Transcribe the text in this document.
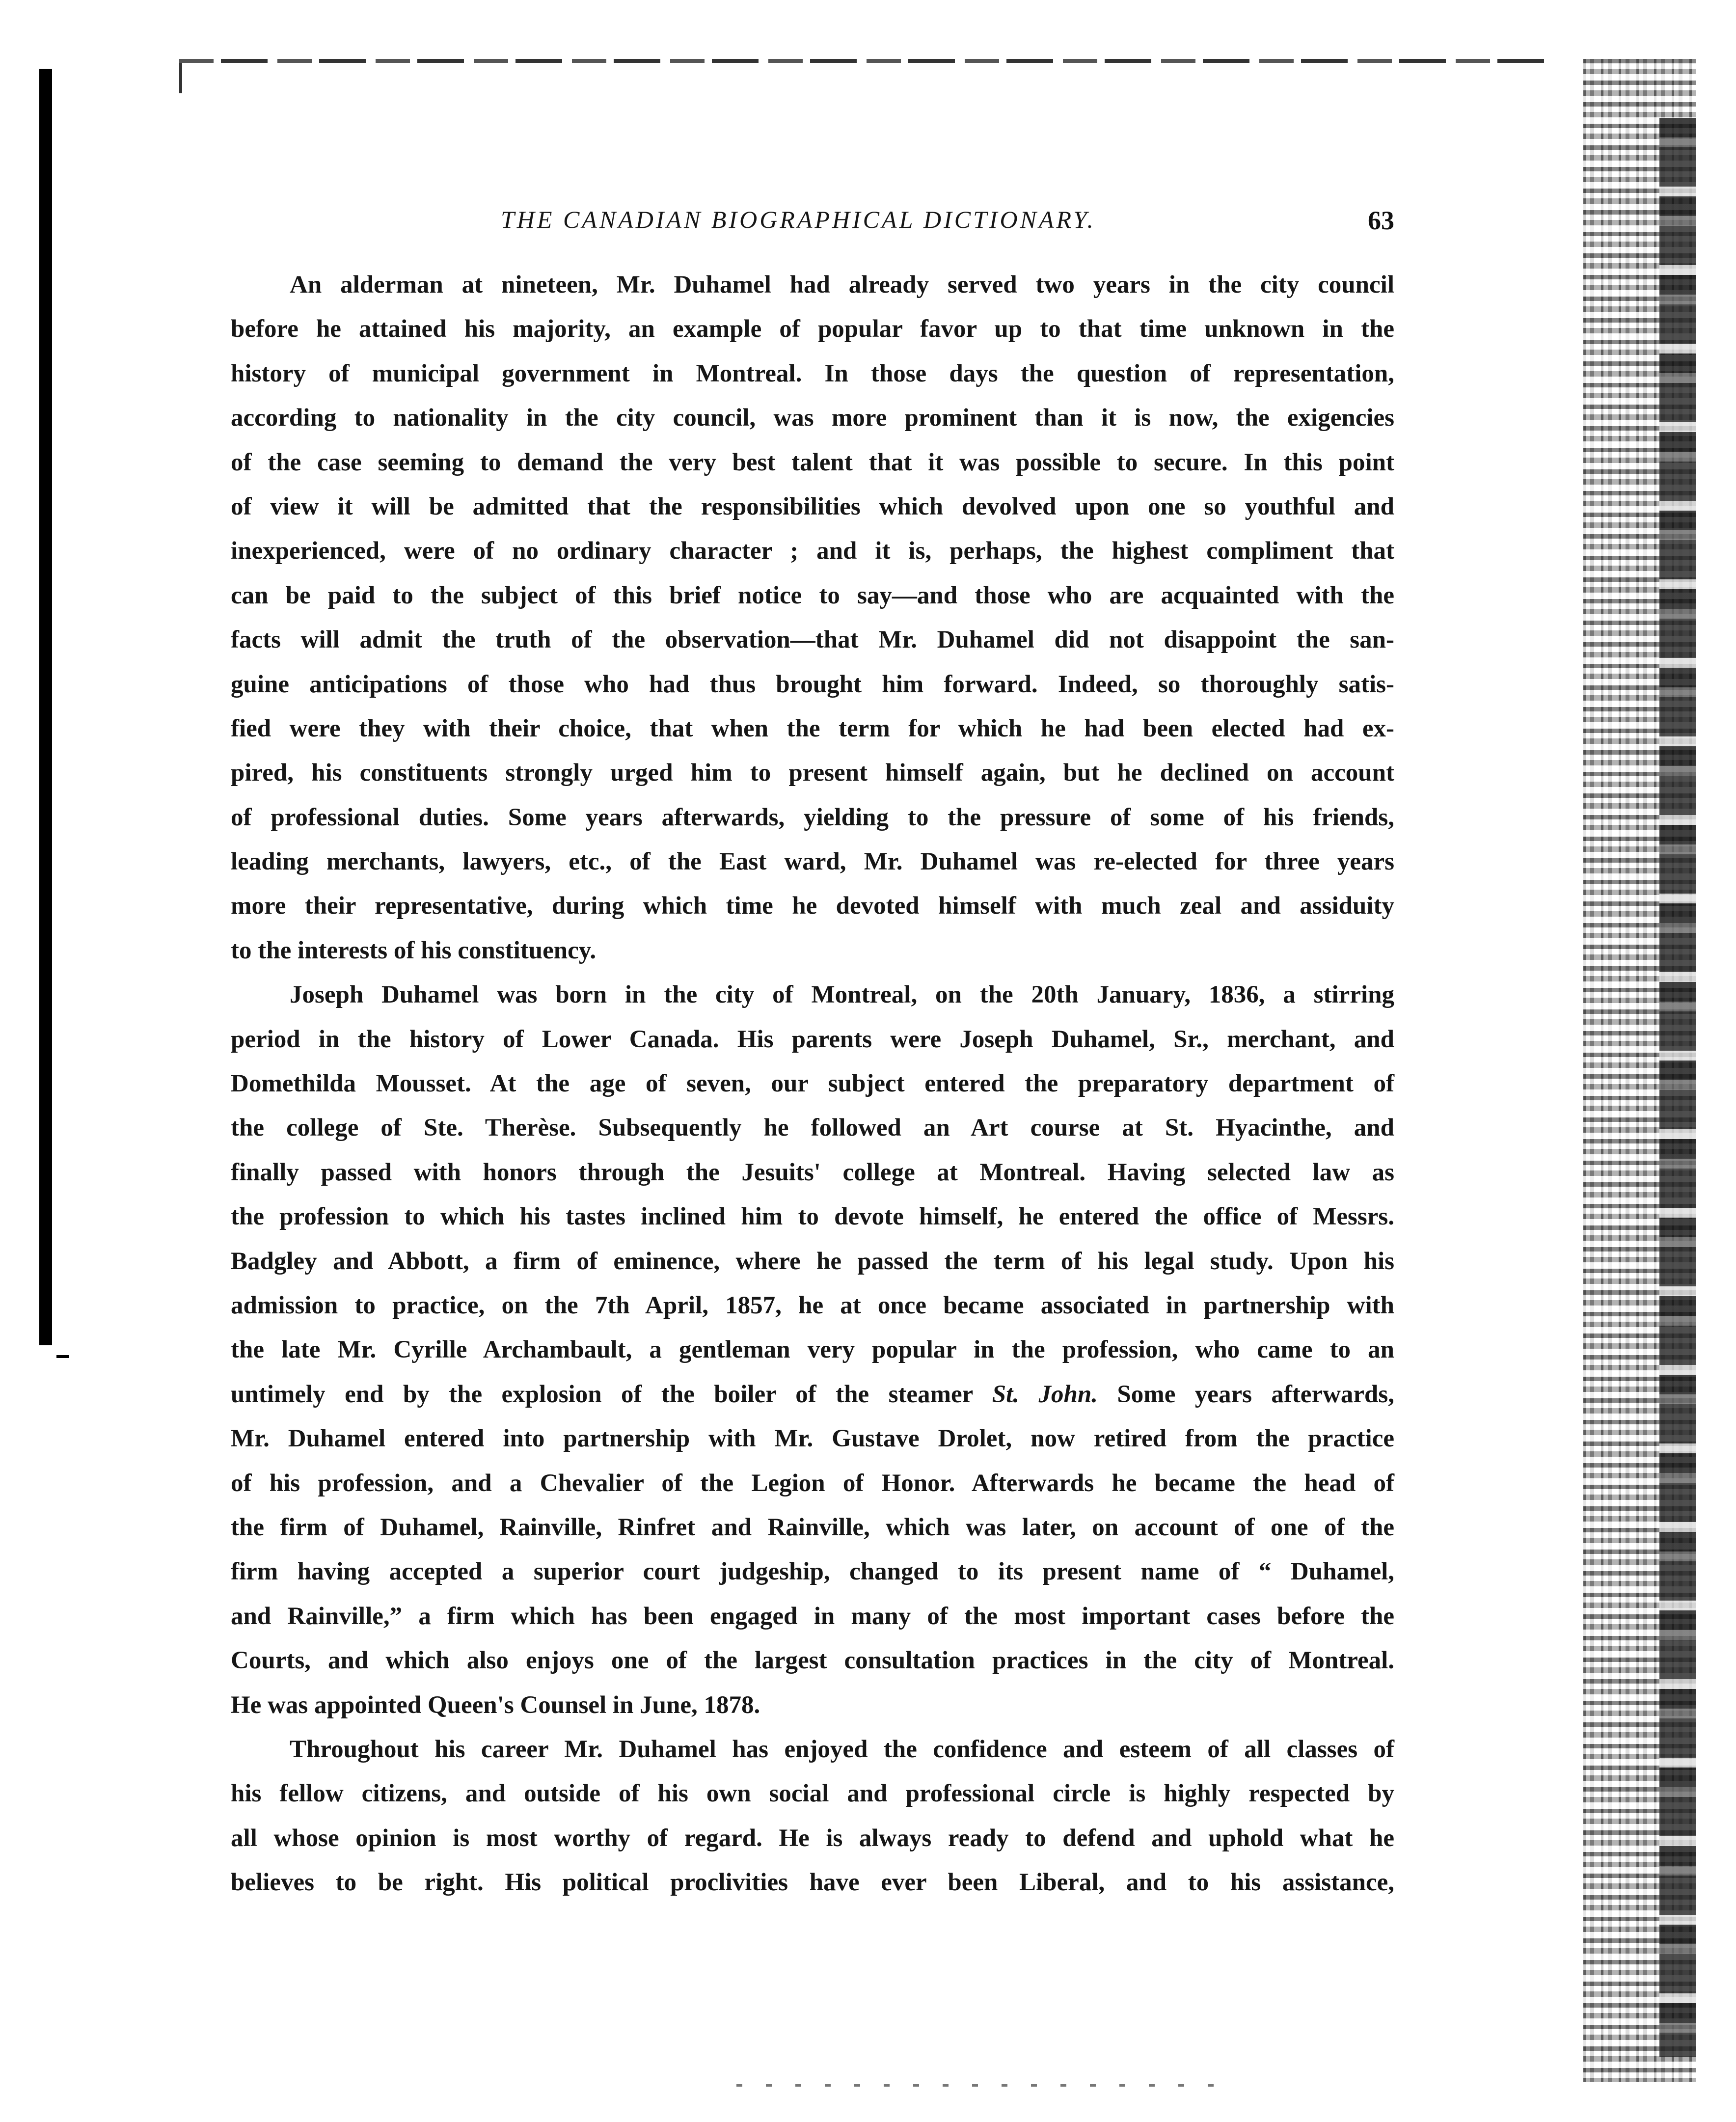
THE CANADIAN BIOGRAPHICAL DICTIONARY.	63
An alderman at nineteen, Mr. Duhamel had already served two years in the city council
before he attained his majority, an example of popular favor up to that time unknown in the
history of municipal government in Montreal. In those days the question of representation,
according to nationality in the city council, was more prominent than it is now, the exigencies
of the case seeming to demand the very best talent that it was possible to secure. In this point
of view it will be admitted that the responsibilities which devolved upon one so youthful and
inexperienced, were of no ordinary character ; and it is, perhaps, the highest compliment that
can be paid to the subject of this brief notice to say—and those who are acquainted with the
facts will admit the truth of the observation—that Mr. Duhamel did not disappoint the san-
guine anticipations of those who had thus brought him forward. Indeed, so thoroughly satis-
fied were they with their choice, that when the term for which he had been elected had ex-
pired, his constituents strongly urged him to present himself again, but he declined on account
of professional duties. Some years afterwards, yielding to the pressure of some of his friends,
leading merchants, lawyers, etc., of the East ward, Mr. Duhamel was re-elected for three years
more their representative, during which time he devoted himself with much zeal and assiduity
to the interests of his constituency.
Joseph Duhamel was born in the city of Montreal, on the 20th January, 1836, a stirring
period in the history of Lower Canada. His parents were Joseph Duhamel, Sr., merchant, and
Domethilda Mousset. At the age of seven, our subject entered the preparatory department of
the college of Ste. Therèse. Subsequently he followed an Art course at St. Hyacinthe, and
finally passed with honors through the Jesuits' college at Montreal. Having selected law as
the profession to which his tastes inclined him to devote himself, he entered the office of Messrs.
Badgley and Abbott, a firm of eminence, where he passed the term of his legal study. Upon his
admission to practice, on the 7th April, 1857, he at once became associated in partnership with
the late Mr. Cyrille Archambault, a gentleman very popular in the profession, who came to an
untimely end by the explosion of the boiler of the steamer St. John. Some years afterwards,
Mr. Duhamel entered into partnership with Mr. Gustave Drolet, now retired from the practice
of his profession, and a Chevalier of the Legion of Honor. Afterwards he became the head of
the firm of Duhamel, Rainville, Rinfret and Rainville, which was later, on account of one of the
firm having accepted a superior court judgeship, changed to its present name of “ Duhamel,
and Rainville,” a firm which has been engaged in many of the most important cases before the
Courts, and which also enjoys one of the largest consultation practices in the city of Montreal.
He was appointed Queen's Counsel in June, 1878.
Throughout his career Mr. Duhamel has enjoyed the confidence and esteem of all classes of
his fellow citizens, and outside of his own social and professional circle is highly respected by
all whose opinion is most worthy of regard. He is always ready to defend and uphold what he
believes to be right. His political proclivities have ever been Liberal, and to his assistance,
